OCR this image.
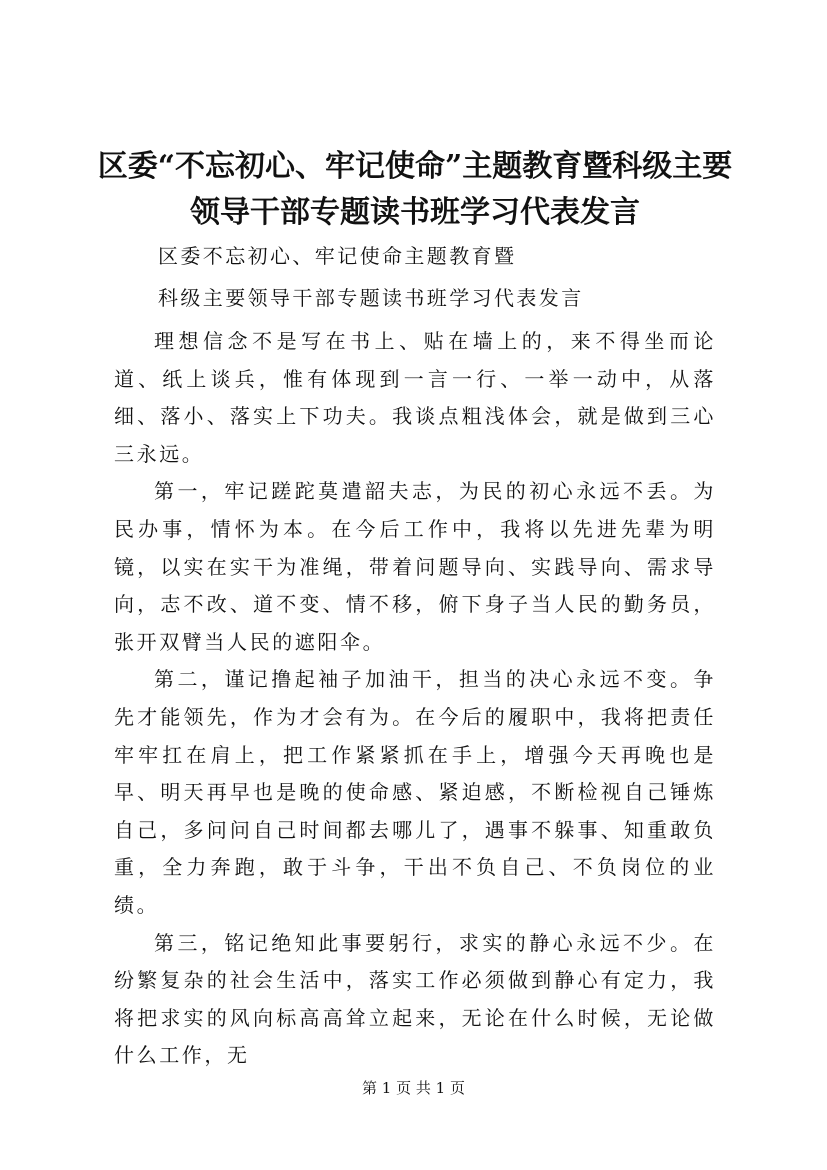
区委“不忘初心、牢记使命”主题教育暨科级主要领导干部专题读书班学习代表发言

区委不忘初心、牢记使命主题教育暨

科级主要领导干部专题读书班学习代表发言

理想信念不是写在书上、贴在墙上的，来不得坐而论道、纸上谈兵，惟有体现到一言一行、一举一动中，从落细、落小、落实上下功夫。我谈点粗浅体会，就是做到三心三永远。

第一，牢记蹉跎莫遣韶夫志，为民的初心永远不丢。为民办事，情怀为本。在今后工作中，我将以先进先辈为明镜，以实在实干为准绳，带着问题导向、实践导向、需求导向，志不改、道不变、情不移，俯下身子当人民的勤务员，张开双臂当人民的遮阳伞。

第二，谨记撸起袖子加油干，担当的决心永远不变。争先才能领先，作为才会有为。在今后的履职中，我将把责任牢牢扛在肩上，把工作紧紧抓在手上，增强今天再晚也是早、明天再早也是晚的使命感、紧迫感，不断检视自己锤炼自己，多问问自己时间都去哪儿了，遇事不躲事、知重敢负重，全力奔跑，敢于斗争，干出不负自己、不负岗位的业绩。

第三，铭记绝知此事要躬行，求实的静心永远不少。在纷繁复杂的社会生活中，落实工作必须做到静心有定力，我将把求实的风向标高高耸立起来，无论在什么时候，无论做什么工作，无

第 1 页 共 1 页
